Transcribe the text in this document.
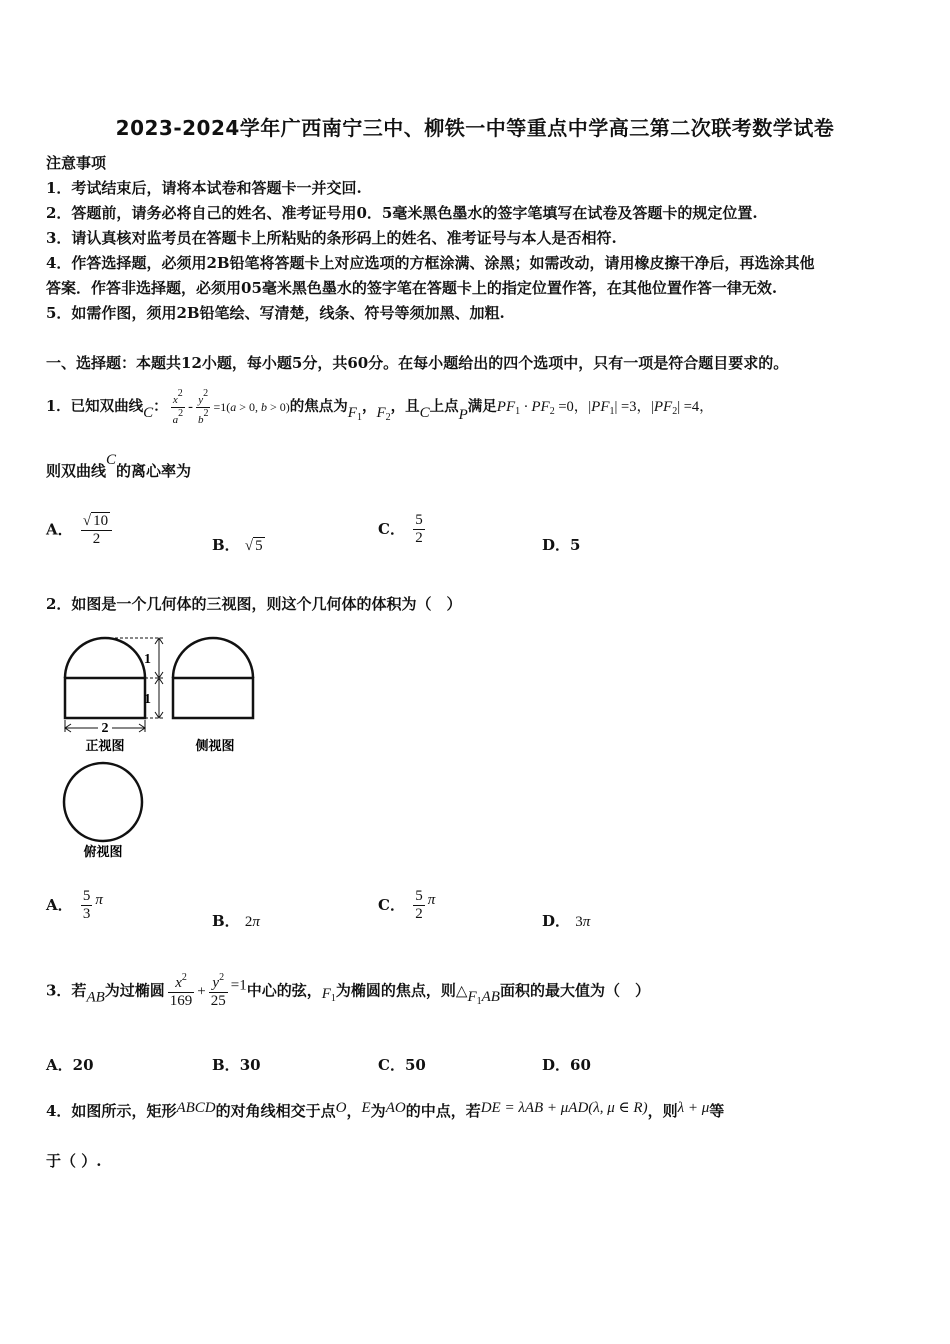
2023-2024学年广西南宁三中、柳铁一中等重点中学高三第二次联考数学试卷
注意事项
1．考试结束后，请将本试卷和答题卡一并交回.
2．答题前，请务必将自己的姓名、准考证号用0．5毫米黑色墨水的签字笔填写在试卷及答题卡的规定位置.
3．请认真核对监考员在答题卡上所粘贴的条形码上的姓名、准考证号与本人是否相符.
4．作答选择题，必须用2B铅笔将答题卡上对应选项的方框涂满、涂黑；如需改动，请用橡皮擦干净后，再选涂其他
答案．作答非选择题，必须用05毫米黑色墨水的签字笔在答题卡上的指定位置作答，在其他位置作答一律无效.
5．如需作图，须用2B铅笔绘、写清楚，线条、符号等须加黑、加粗.
一、选择题：本题共12小题，每小题5分，共60分。在每小题给出的四个选项中，只有一项是符合题目要求的。
1．已知双曲线C： $\frac{x2}{a2} - \frac{y2}{b2} =1(a > 0$, b > 0)的焦点为$F_1$，$F_2$，且C上点P满足$PF_1 \cdot PF_2 =0$，$|PF_1| =3$，$|PF_2| =4$，
则双曲线C的离心率为
A． $\frac{√ 10}{2}$	B． √ 5
C． $\frac{5}{2}$	D．5
2．如图是一个几何体的三视图，则这个几何体的体积为（　）
1
1
2
正视图	侧视图
俯视图
A． $\frac{5}{3}$ π
B． 2π
C． $\frac{5}{2}$ π
D． 3π
3．若AB为过椭圆 $\frac{x^2}{169} + \frac{y^2}{25} =1$中心的弦，$F_1$为椭圆的焦点，则$\triangle F_1AB$面积的最大值为（　）
A．20	B．30	C．50	D．60
4．如图所示，矩形ABCD的对角线相交于点O，E为AO的中点，若DE = λAB + μAD(λ, μ ∈ R)，则λ + μ等
于（ ）.
